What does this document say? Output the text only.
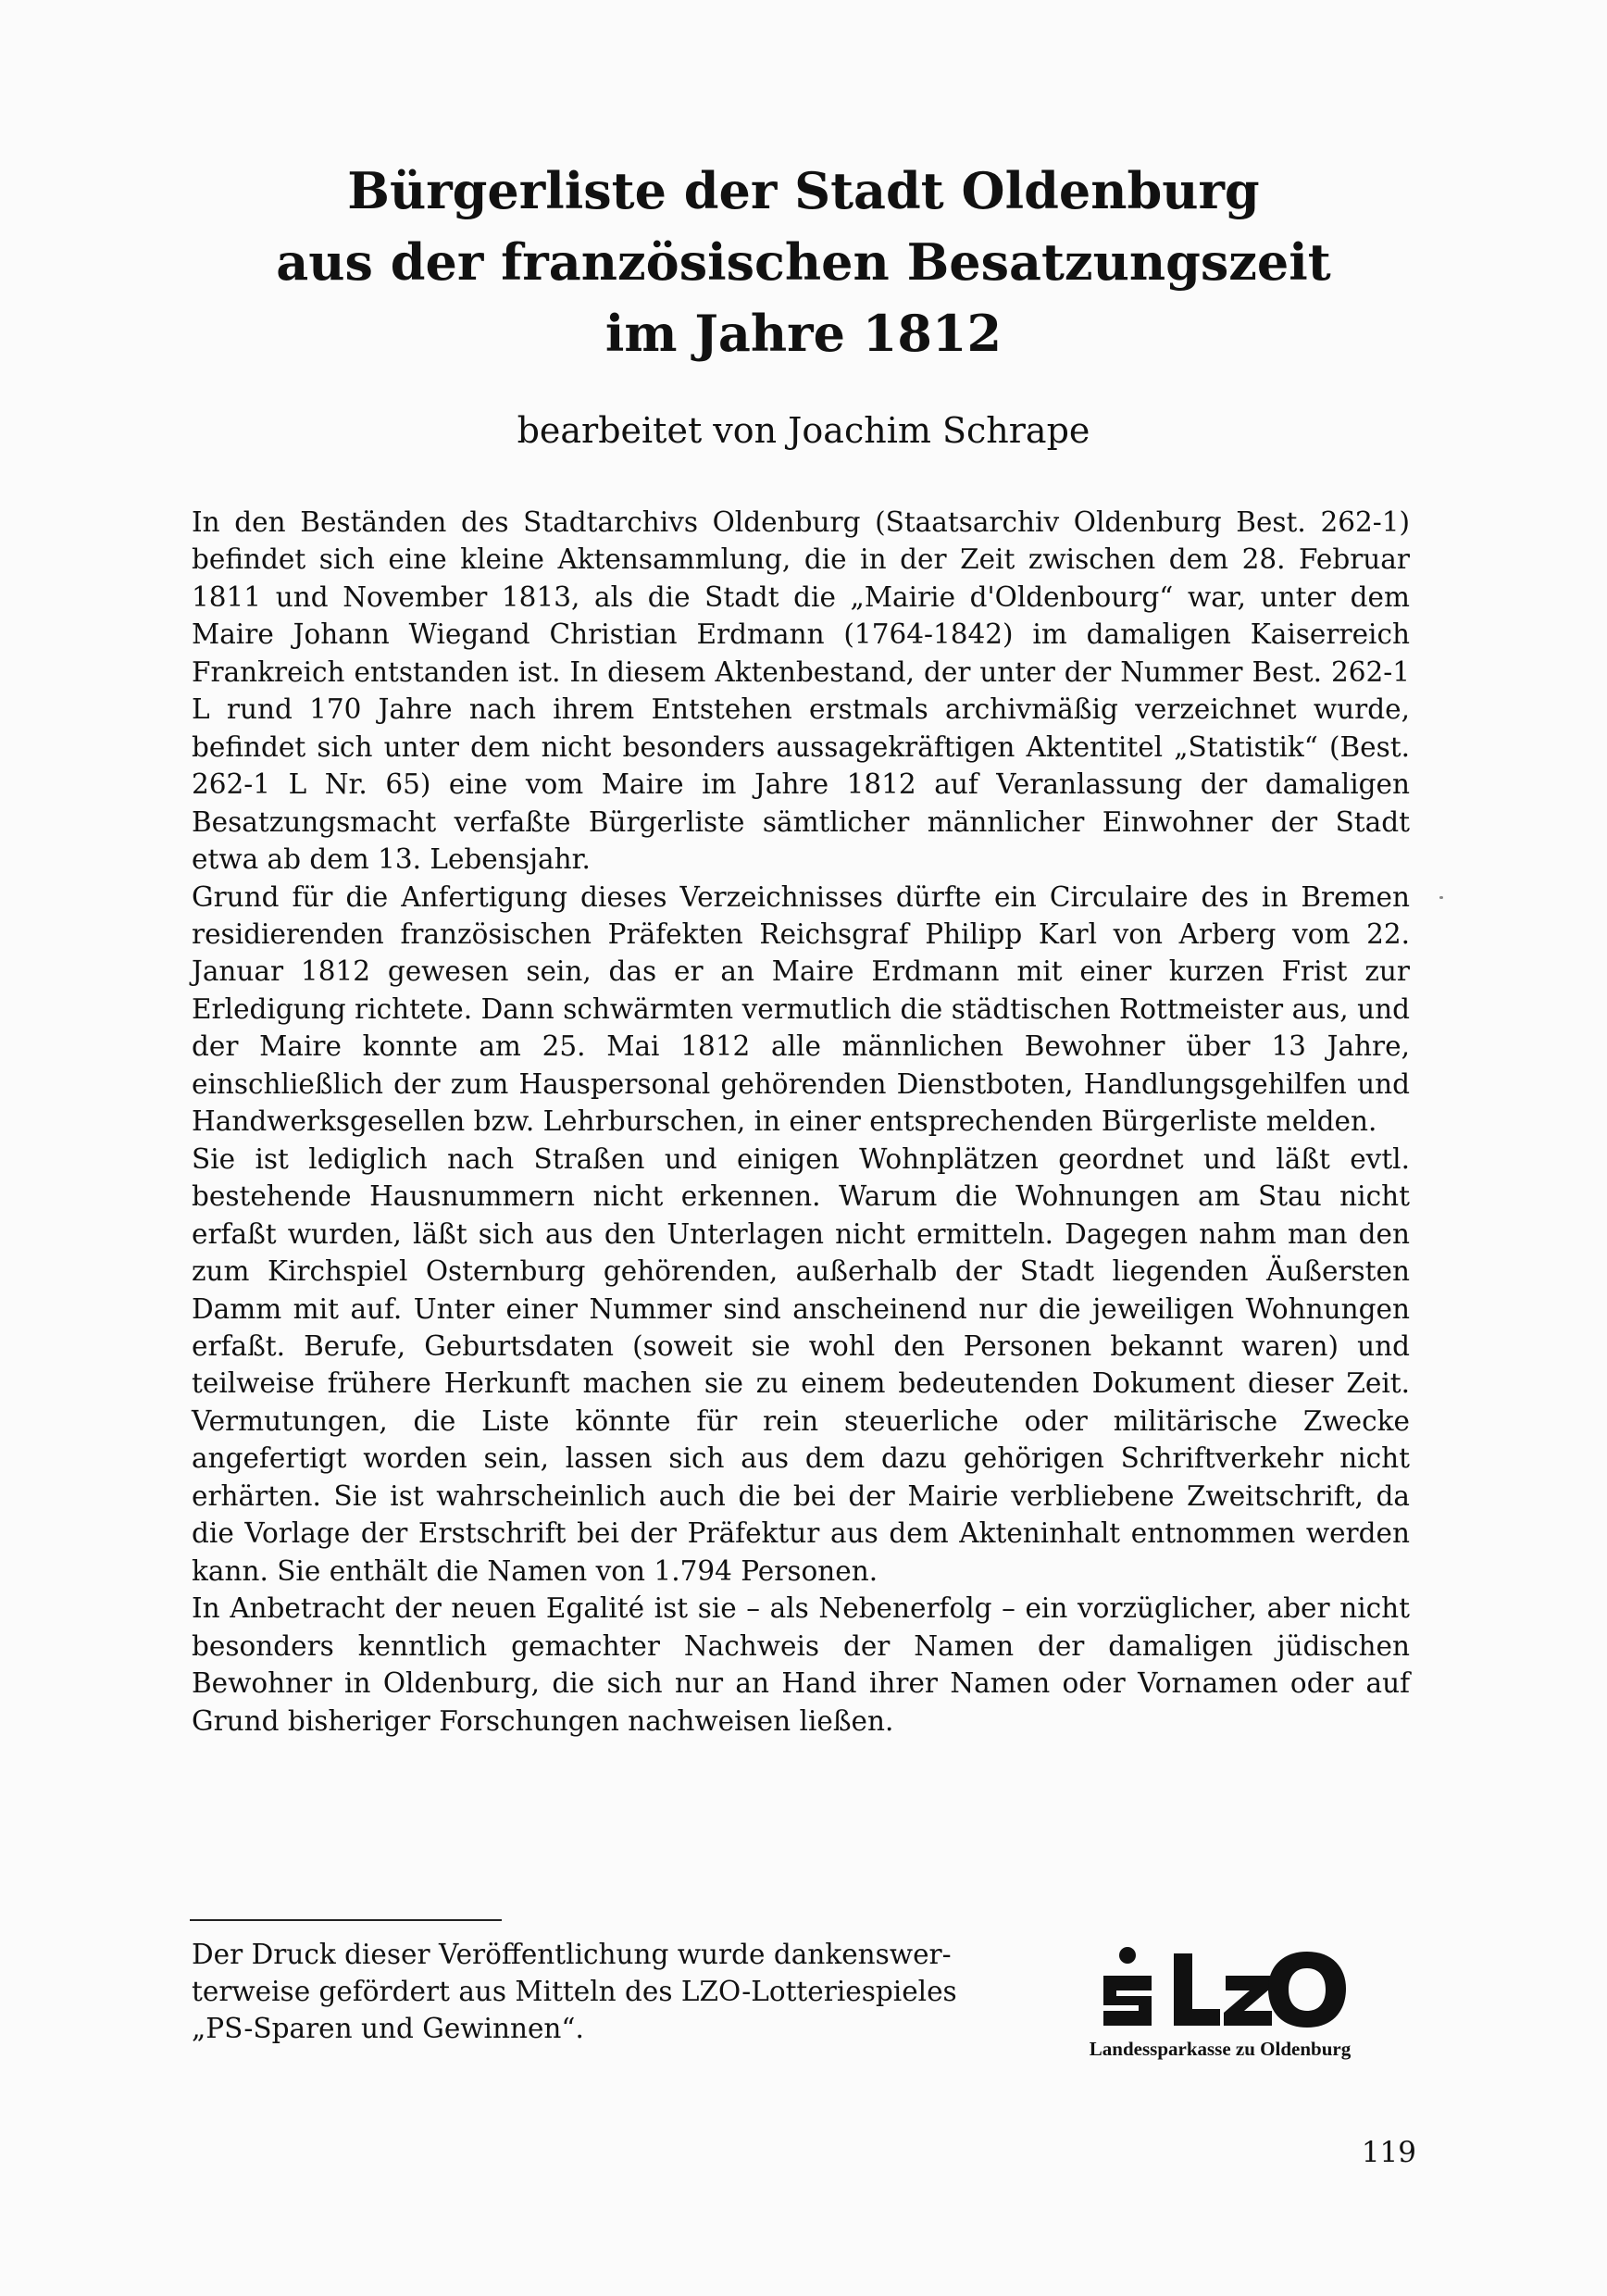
Bürgerliste der Stadt Oldenburg
aus der französischen Besatzungszeit
im Jahre 1812
bearbeitet von Joachim Schrape

In den Beständen des Stadtarchivs Oldenburg (Staatsarchiv Oldenburg Best. 262-1) befindet sich eine kleine Aktensammlung, die in der Zeit zwischen dem 28. Februar 1811 und November 1813, als die Stadt die „Mairie d'Oldenbourg“ war, unter dem Maire Johann Wiegand Christian Erdmann (1764-1842) im damaligen Kaiserreich Frankreich entstanden ist. In diesem Aktenbestand, der unter der Nummer Best. 262-1 L rund 170 Jahre nach ihrem Entstehen erstmals archivmäßig verzeichnet wurde, befindet sich unter dem nicht besonders aussagekräftigen Aktentitel „Statistik“ (Best. 262-1 L Nr. 65) eine vom Maire im Jahre 1812 auf Veranlassung der damaligen Besatzungsmacht verfaßte Bürgerliste sämtlicher männlicher Einwohner der Stadt etwa ab dem 13. Lebensjahr.

Grund für die Anfertigung dieses Verzeichnisses dürfte ein Circulaire des in Bremen residierenden französischen Präfekten Reichsgraf Philipp Karl von Arberg vom 22. Januar 1812 gewesen sein, das er an Maire Erdmann mit einer kurzen Frist zur Erledigung richtete. Dann schwärmten vermutlich die städtischen Rottmeister aus, und der Maire konnte am 25. Mai 1812 alle männlichen Bewohner über 13 Jahre, einschließlich der zum Hauspersonal gehörenden Dienstboten, Handlungsgehilfen und Handwerksgesellen bzw. Lehrburschen, in einer entsprechenden Bürgerliste melden.

Sie ist lediglich nach Straßen und einigen Wohnplätzen geordnet und läßt evtl. bestehende Hausnummern nicht erkennen. Warum die Wohnungen am Stau nicht erfaßt wurden, läßt sich aus den Unterlagen nicht ermitteln. Dagegen nahm man den zum Kirchspiel Osternburg gehörenden, außerhalb der Stadt liegenden Äußersten Damm mit auf. Unter einer Nummer sind anscheinend nur die jeweiligen Wohnungen erfaßt. Berufe, Geburtsdaten (soweit sie wohl den Personen bekannt waren) und teilweise frühere Herkunft machen sie zu einem bedeutenden Dokument dieser Zeit. Vermutungen, die Liste könnte für rein steuerliche oder militärische Zwecke angefertigt worden sein, lassen sich aus dem dazu gehörigen Schriftverkehr nicht erhärten. Sie ist wahrscheinlich auch die bei der Mairie verbliebene Zweitschrift, da die Vorlage der Erstschrift bei der Präfektur aus dem Akteninhalt entnommen werden kann. Sie enthält die Namen von 1.794 Personen.

In Anbetracht der neuen Egalité ist sie – als Nebenerfolg – ein vorzüglicher, aber nicht besonders kenntlich gemachter Nachweis der Namen der damaligen jüdischen Bewohner in Oldenburg, die sich nur an Hand ihrer Namen oder Vornamen oder auf Grund bisheriger Forschungen nachweisen ließen.

Der Druck dieser Veröffentlichung wurde dankenswer-
terweise gefördert aus Mitteln des LZO-Lotteriespieles
„PS-Sparen und Gewinnen“.
Landessparkasse zu Oldenburg
119
